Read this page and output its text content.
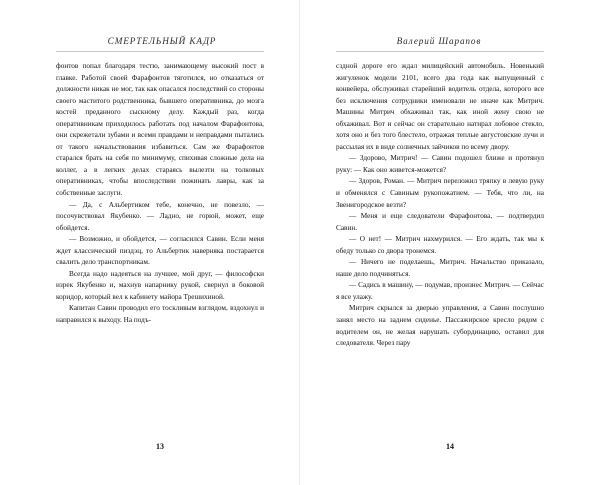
СМЕРТЕЛЬНЫЙ КАДР

фонтов попал благодаря тестю, занимающему высокий пост в главке. Работой своей Фарафонтов тяготился, но отказаться от должности никак не мог, так как опасался последствий со стороны своего маститого родственника, бывшего оперативника, до мозга костей преданного сыскному делу. Каждый раз, когда оперативникам приходилось работать под началом Фарафонтова, они скрежетали зубами и всеми правдами и неправдами пытались от такого начальствования избавиться. Сам же Фарафонтов старался брать на себя по минимуму, спихивая сложные дела на коллег, а в легких делах стараясь вылезти на толковых оперативниках, чтобы впоследствии пожинать лавры, как за собственные заслуги.

— Да, с Альбертиком тебе, конечно, не повезло, — посочувствовал Якубенко. — Ладно, не горюй, может, еще обойдется.

— Возможно, и обойдется, — согласился Савин. Если меня ждет классический пиздэц, то Альбертик наверняка постарается свалить дело транспортникам.

Всегда надо надеяться на лучшее, мой друг, — философски изрек Якубенко и, махнув напарнику рукой, свернул в боковой коридор, который вел к кабинету майора Трешихиной.

Капитан Савин проводил его тоскливым взглядом, вздохнул и направился к выходу. На подъ-

13
Валерий Шарапов

сздной дороге его ждал милицейский автомобиль. Новенький жигуленок модели 2101, всего два года как выпущенный с конвейера, обслуживал старейший водитель отдела, которого все без исключения сотрудники именовали не иначе как Митрич. Машины Митрич обхаживал так, как иной жену свою не обхаживал. Вот и сейчас он старательно натирал лобовое стекло, хотя оно и без того блестело, отражая теплые августовские лучи и рассылая их в виде солнечных зайчиков по всему двору.

— Здорово, Митрич! — Савин подошел ближе и протянул руку: — Как оно живется-можется?

— Здоров, Роман. — Митрич переложил тряпку в левую руку и обменялся с Савиным рукопожатием. — Тебя, что ли, на Звенигородское везти?

— Меня и еще следователи Фарафонтова, — подтвердил Савин.

— О нет! — Митрич нахмурился. — Его ждать, так мы к обеду только со двора тронемся.

— Ничего не поделаешь, Митрич. Начальство приказало, наше дело подчиняться.

— Садись в машину, — подумав, произнес Митрич. — Сейчас я все улажу.

Митрич скрылся за дверью управления, а Савин послушно занял место на заднем сиденье. Пассажирское кресло рядом с водителем он, не желая нарушать субординацию, оставил для следователя. Через пару

14
